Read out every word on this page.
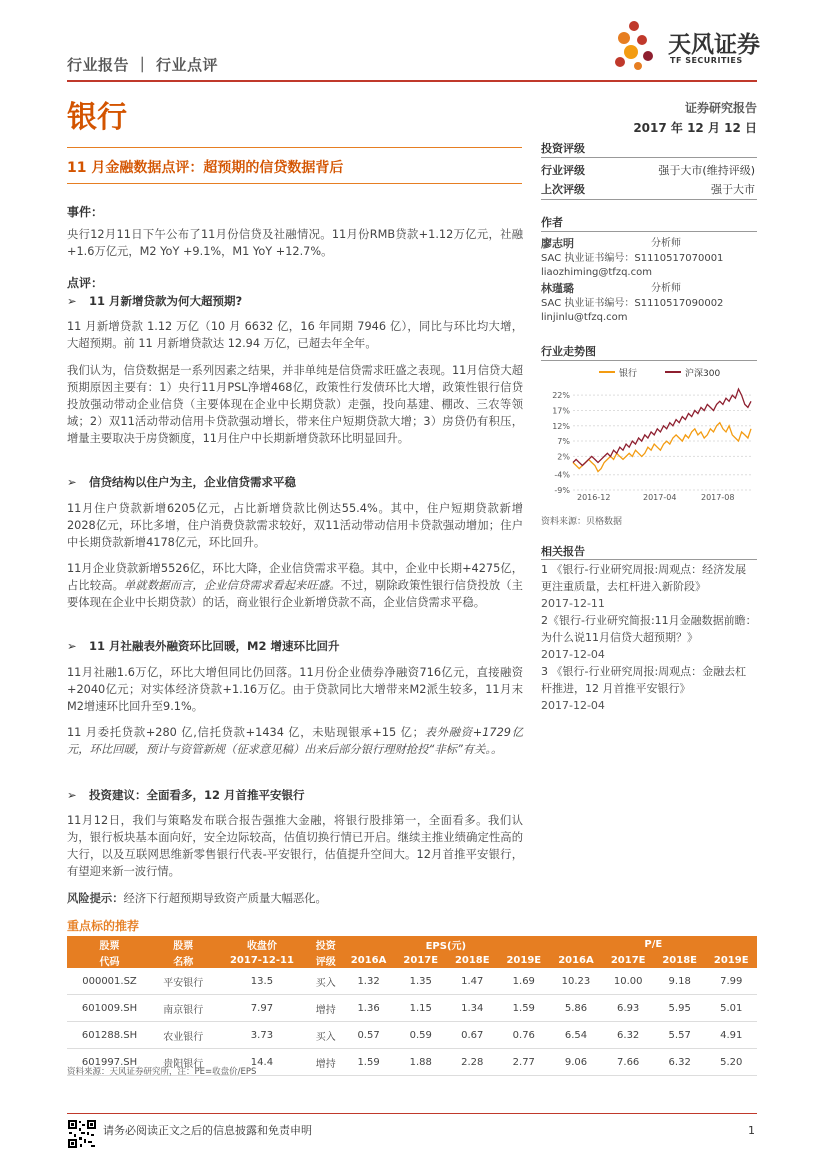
行业报告 ｜ 行业点评
天风证券
TF SECURITIES
银行	证券研究报告
2017 年 12 月 12 日
11 月金融数据点评：超预期的信贷数据背后
事件：
央行12月11日下午公布了11月份信贷及社融情况。11月份RMB贷款+1.12万亿元，社融+1.6万亿元，M2 YoY +9.1%，M1 YoY +12.7%。
点评：
➢ 11 月新增贷款为何大超预期?
11 月新增贷款 1.12 万亿（10 月 6632 亿，16 年同期 7946 亿），同比与环比均大增，大超预期。前 11 月新增贷款达 12.94 万亿，已超去年全年。
我们认为，信贷数据是一系列因素之结果，并非单纯是信贷需求旺盛之表现。11月信贷大超预期原因主要有：1）央行11月PSL净增468亿，政策性行发债环比大增，政策性银行信贷投放强动带动企业信贷（主要体现在企业中长期贷款）走强，投向基建、棚改、三农等领域；2）双11活动带动信用卡贷款强动增长，带来住户短期贷款大增；3）房贷仍有积压，增量主要取决于房贷额度，11月住户中长期新增贷款环比明显回升。
➢ 信贷结构以住户为主，企业信贷需求平稳
11月住户贷款新增6205亿元，占比新增贷款比例达55.4%。其中，住户短期贷款新增2028亿元，环比多增，住户消费贷款需求较好，双11活动带动信用卡贷款强动增加；住户中长期贷款新增4178亿元，环比回升。
11月企业贷款新增5526亿，环比大降，企业信贷需求平稳。其中，企业中长期+4275亿，占比较高。单就数据而言，企业信贷需求看起来旺盛。不过，剔除政策性银行信贷投放（主要体现在企业中长期贷款）的话，商业银行企业新增贷款不高，企业信贷需求平稳。
➢ 11 月社融表外融资环比回暖，M2 增速环比回升
11月社融1.6万亿，环比大增但同比仍回落。11月份企业债券净融资716亿元，直接融资+2040亿元；对实体经济贷款+1.16万亿。由于贷款同比大增带来M2派生较多，11月末M2增速环比回升至9.1%。
11 月委托贷款+280 亿,信托贷款+1434 亿，未贴现银承+15 亿；表外融资+1729亿元，环比回暖，预计与资管新规（征求意见稿）出来后部分银行理财抢投“非标”有关。。
➢ 投资建议：全面看多，12 月首推平安银行
11月12日，我们与策略发布联合报告强推大金融，将银行股排第一，全面看多。我们认为，银行板块基本面向好，安全边际较高，估值切换行情已开启。继续主推业绩确定性高的大行，以及互联网思维新零售银行代表-平安银行，估值提升空间大。12月首推平安银行，有望迎来新一波行情。
风险提示：经济下行超预期导致资产质量大幅恶化。
投资评级
行业评级	强于大市(维持评级)
上次评级	强于大市
作者
廖志明	分析师
SAC 执业证书编号：S1110517070001
liaozhiming@tfzq.com
林瑾璐	分析师
SAC 执业证书编号：S1110517090002
linjinlu@tfzq.com
行业走势图
银行	沪深300
22%
17%
12%
7%
2%
-4%
-9%
2016-12	2017-04	2017-08
资料来源：贝格数据
相关报告
1 《银行-行业研究周报:周观点：经济发展更注重质量，去杠杆进入新阶段》
2017-12-11
2《银行-行业研究简报:11月金融数据前瞻：为什么说11月信贷大超预期？》
2017-12-04
3 《银行-行业研究周报:周观点：金融去杠杆推进，12 月首推平安银行》
2017-12-04
重点标的推荐
股票	股票	收盘价	投资	EPS(元)				P/E			
代码	名称	2017-12-11	评级	2016A	2017E	2018E	2019E	2016A	2017E	2018E	2019E
000001.SZ	平安银行	13.5	买入	1.32	1.35	1.47	1.69	10.23	10.00	9.18	7.99
601009.SH	南京银行	7.97	增持	1.36	1.15	1.34	1.59	5.86	6.93	5.95	5.01
601288.SH	农业银行	3.73	买入	0.57	0.59	0.67	0.76	6.54	6.32	5.57	4.91
601997.SH	贵阳银行	14.4	增持	1.59	1.88	2.28	2.77	9.06	7.66	6.32	5.20
资料来源：天风证券研究所，注：PE=收盘价/EPS
请务必阅读正文之后的信息披露和免责申明	1
